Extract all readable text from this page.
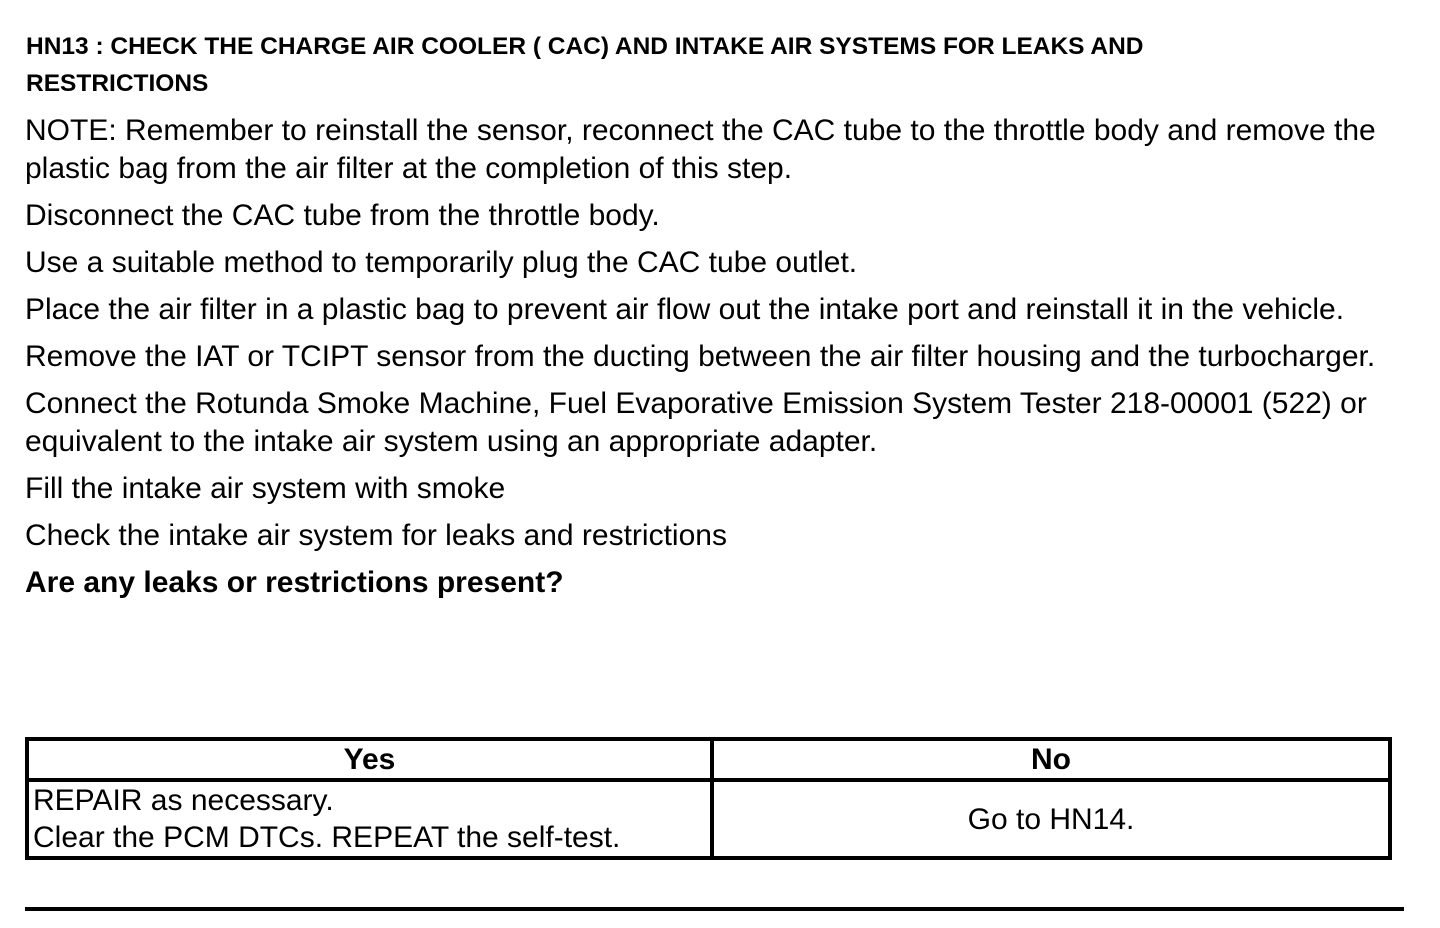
HN13 : CHECK THE CHARGE AIR COOLER ( CAC) AND INTAKE AIR SYSTEMS FOR LEAKS AND
RESTRICTIONS

NOTE: Remember to reinstall the sensor, reconnect the CAC tube to the throttle body and remove the plastic bag from the air filter at the completion of this step.

Disconnect the CAC tube from the throttle body.

Use a suitable method to temporarily plug the CAC tube outlet.

Place the air filter in a plastic bag to prevent air flow out the intake port and reinstall it in the vehicle.

Remove the IAT or TCIPT sensor from the ducting between the air filter housing and the turbocharger.

Connect the Rotunda Smoke Machine, Fuel Evaporative Emission System Tester 218-00001 (522) or equivalent to the intake air system using an appropriate adapter.

Fill the intake air system with smoke

Check the intake air system for leaks and restrictions

Are any leaks or restrictions present?

Yes	No
REPAIR as necessary.
Clear the PCM DTCs. REPEAT the self-test.	Go to HN14.
